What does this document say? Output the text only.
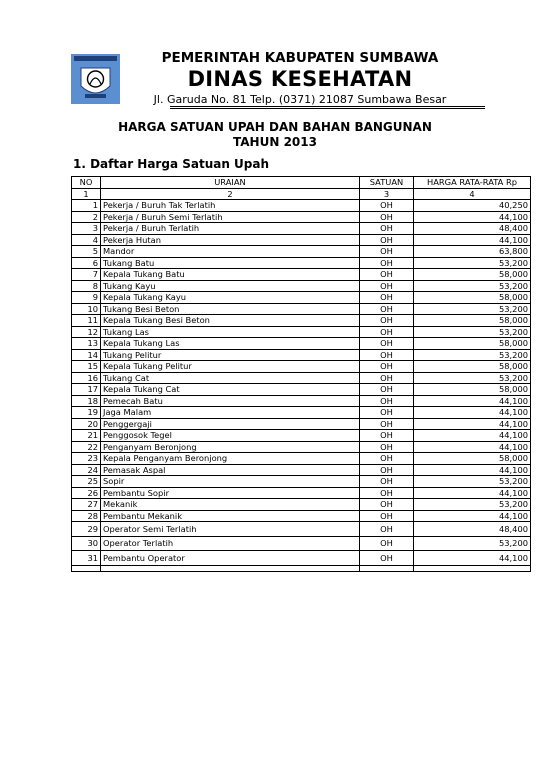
PEMERINTAH KABUPATEN SUMBAWA
DINAS KESEHATAN
Jl. Garuda No. 81 Telp. (0371) 21087 Sumbawa Besar
HARGA SATUAN UPAH DAN BAHAN BANGUNAN
TAHUN 2013
1. Daftar Harga Satuan Upah
NO	URAIAN	SATUAN	HARGA RATA-RATA Rp
1	2	3	4
1	Pekerja / Buruh Tak Terlatih	OH	40,250
2	Pekerja / Buruh Semi Terlatih	OH	44,100
3	Pekerja / Buruh Terlatih	OH	48,400
4	Pekerja Hutan	OH	44,100
5	Mandor	OH	63,800
6	Tukang Batu	OH	53,200
7	Kepala Tukang Batu	OH	58,000
8	Tukang Kayu	OH	53,200
9	Kepala Tukang Kayu	OH	58,000
10	Tukang Besi Beton	OH	53,200
11	Kepala Tukang Besi Beton	OH	58,000
12	Tukang Las	OH	53,200
13	Kepala Tukang Las	OH	58,000
14	Tukang Pelitur	OH	53,200
15	Kepala Tukang Pelitur	OH	58,000
16	Tukang Cat	OH	53,200
17	Kepala Tukang Cat	OH	58,000
18	Pemecah Batu	OH	44,100
19	Jaga Malam	OH	44,100
20	Penggergaji	OH	44,100
21	Penggosok Tegel	OH	44,100
22	Penganyam Beronjong	OH	44,100
23	Kepala Penganyam Beronjong	OH	58,000
24	Pemasak Aspal	OH	44,100
25	Sopir	OH	53,200
26	Pembantu Sopir	OH	44,100
27	Mekanik	OH	53,200
28	Pembantu Mekanik	OH	44,100
29	Operator Semi Terlatih	OH	48,400
30	Operator Terlatih	OH	53,200
31	Pembantu Operator	OH	44,100
